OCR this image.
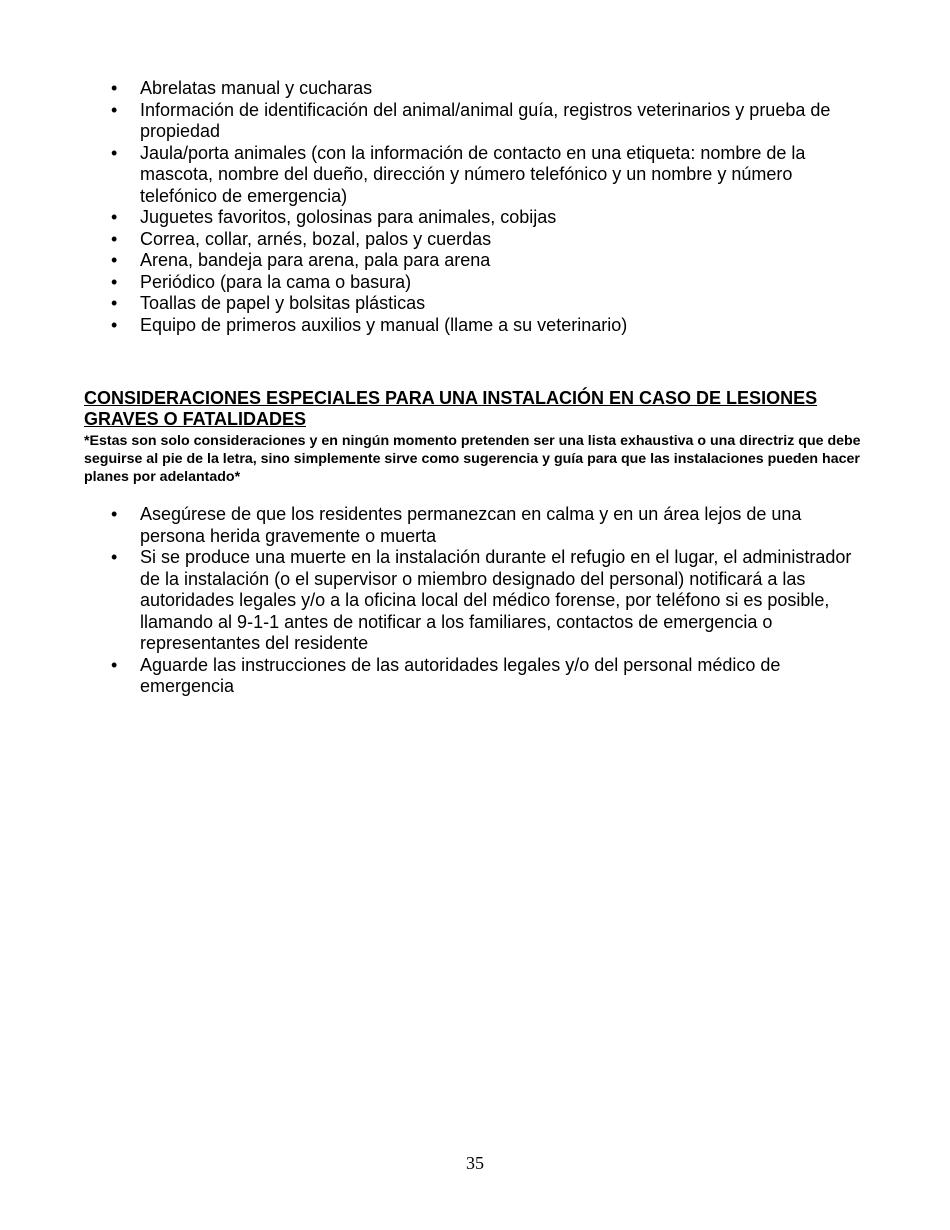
•	Abrelatas manual y cucharas
•	Información de identificación del animal/animal guía, registros veterinarios y prueba de propiedad
•	Jaula/porta animales (con la información de contacto en una etiqueta: nombre de la mascota, nombre del dueño, dirección y número telefónico y un nombre y número telefónico de emergencia)
•	Juguetes favoritos, golosinas para animales, cobijas
•	Correa, collar, arnés, bozal, palos y cuerdas
•	Arena, bandeja para arena, pala para arena
•	Periódico (para la cama o basura)
•	Toallas de papel y bolsitas plásticas
•	Equipo de primeros auxilios y manual (llame a su veterinario)
CONSIDERACIONES ESPECIALES PARA UNA INSTALACIÓN EN CASO DE LESIONES GRAVES O FATALIDADES

*Estas son solo consideraciones y en ningún momento pretenden ser una lista exhaustiva o una directriz que debe seguirse al pie de la letra, sino simplemente sirve como sugerencia y guía para que las instalaciones pueden hacer planes por adelantado*

•	Asegúrese de que los residentes permanezcan en calma y en un área lejos de una persona herida gravemente o muerta
•	Si se produce una muerte en la instalación durante el refugio en el lugar, el administrador de la instalación (o el supervisor o miembro designado del personal) notificará a las autoridades legales y/o a la oficina local del médico forense, por teléfono si es posible, llamando al 9-1-1 antes de notificar a los familiares, contactos de emergencia o representantes del residente
•	Aguarde las instrucciones de las autoridades legales y/o del personal médico de emergencia
35
